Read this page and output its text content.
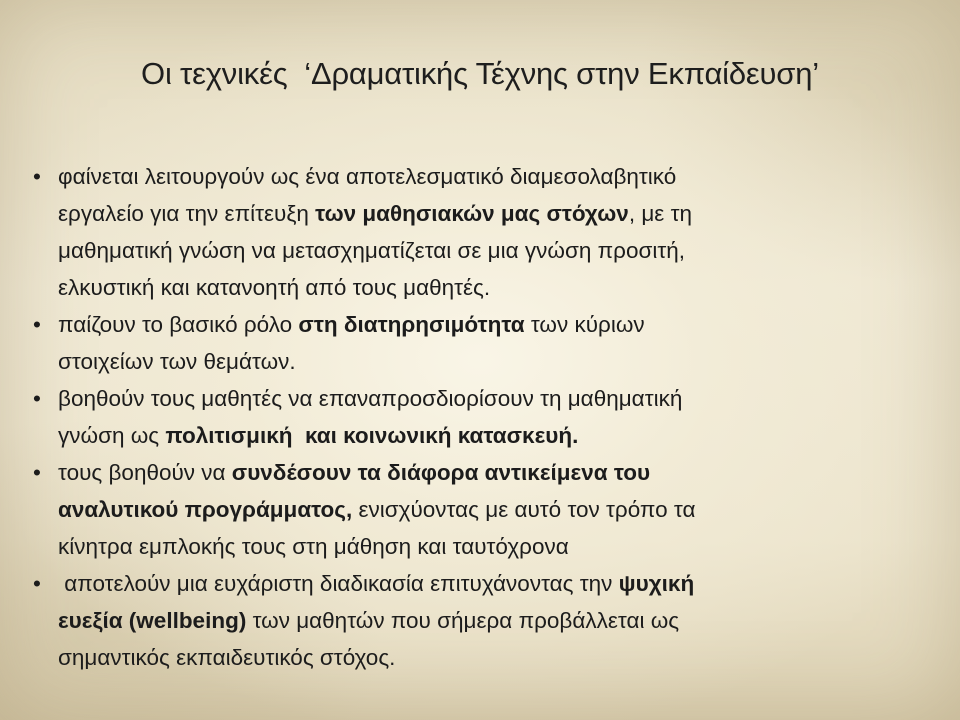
Οι τεχνικές  ‘Δραματικής Τέχνης στην Εκπαίδευση’
• φαίνεται λειτουργούν ως ένα αποτελεσματικό διαμεσολαβητικό
εργαλείο για την επίτευξη των μαθησιακών μας στόχων, με τη
μαθηματική γνώση να μετασχηματίζεται σε μια γνώση προσιτή,
ελκυστική και κατανοητή από τους μαθητές.
• παίζουν το βασικό ρόλο στη διατηρησιμότητα των κύριων
στοιχείων των θεμάτων.
• βοηθούν τους μαθητές να επαναπροσδιορίσουν τη μαθηματική
γνώση ως πολιτισμική  και κοινωνική κατασκευή.
• τους βοηθούν να συνδέσουν τα διάφορα αντικείμενα του
αναλυτικού προγράμματος, ενισχύοντας με αυτό τον τρόπο τα
κίνητρα εμπλοκής τους στη μάθηση και ταυτόχρονα
• αποτελούν μια ευχάριστη διαδικασία επιτυχάνοντας την ψυχική
ευεξία (wellbeing) των μαθητών που σήμερα προβάλλεται ως
σημαντικός εκπαιδευτικός στόχος.
